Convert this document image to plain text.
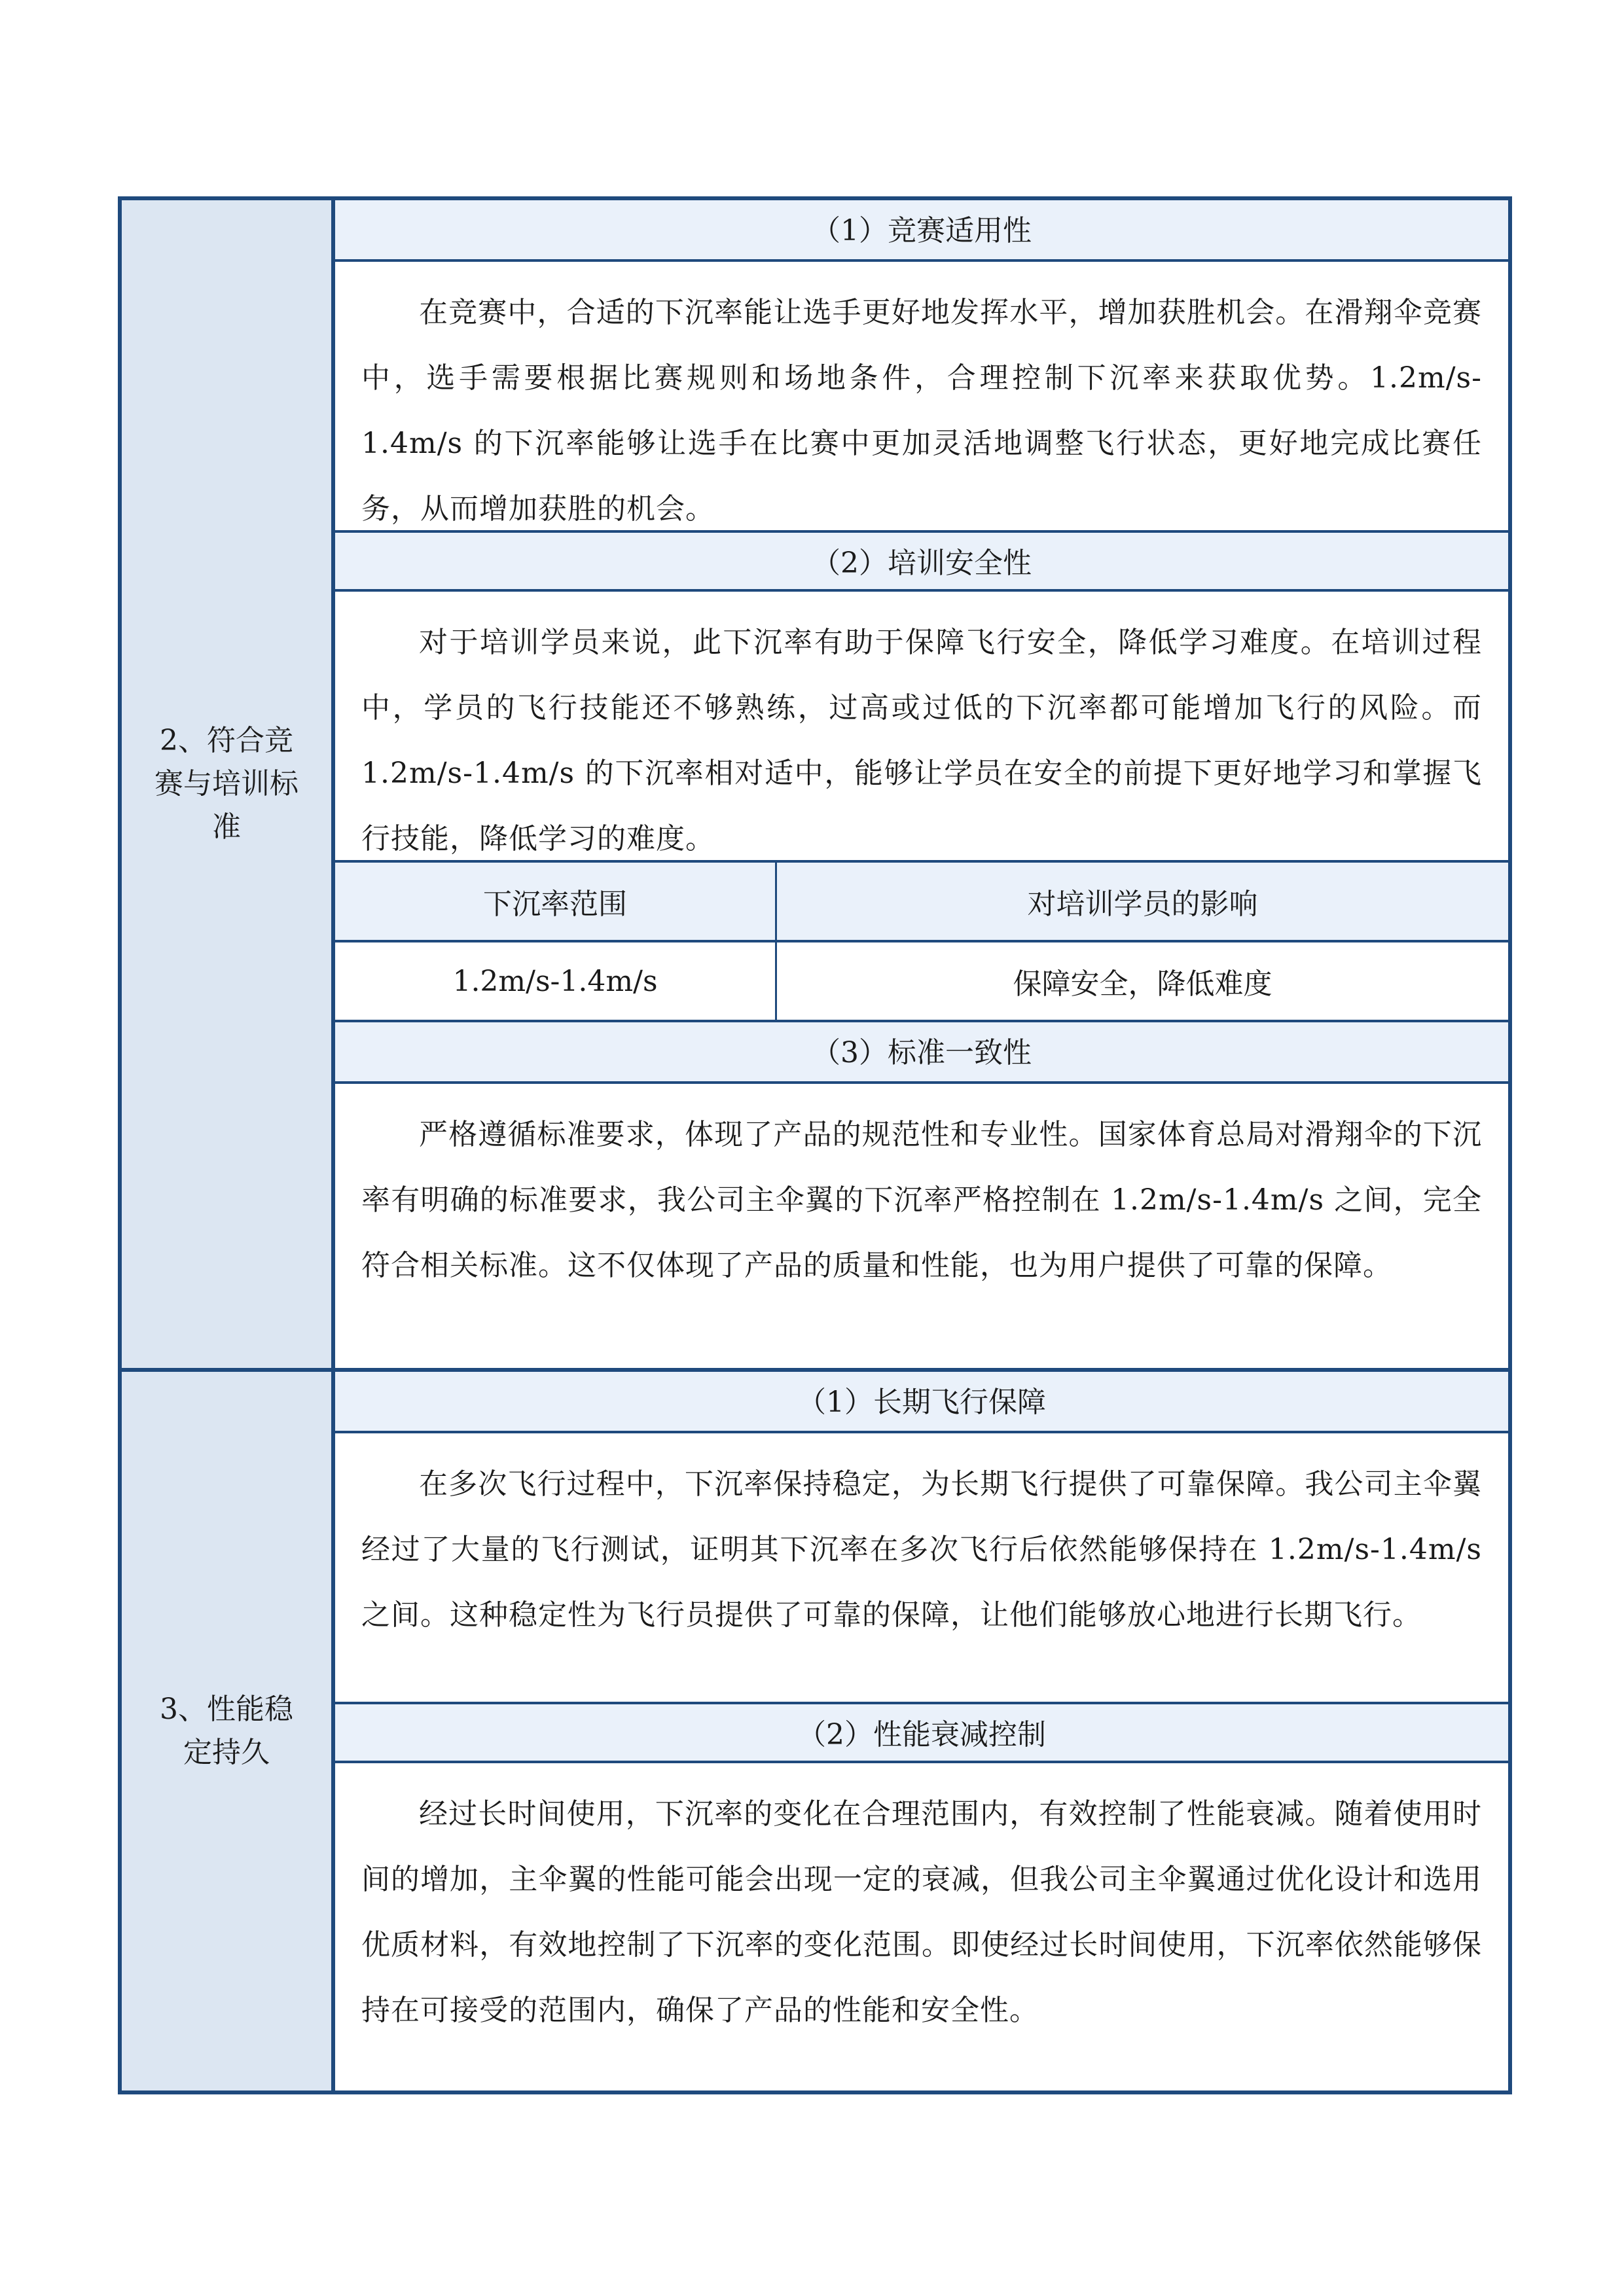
2、符合竞赛与培训标准

（1）竞赛适用性
在竞赛中，合适的下沉率能让选手更好地发挥水平，增加获胜机会。在滑翔伞竞赛中，选手需要根据比赛规则和场地条件，合理控制下沉率来获取优势。1.2m/s-1.4m/s 的下沉率能够让选手在比赛中更加灵活地调整飞行状态，更好地完成比赛任务，从而增加获胜的机会。
（2）培训安全性
对于培训学员来说，此下沉率有助于保障飞行安全，降低学习难度。在培训过程中，学员的飞行技能还不够熟练，过高或过低的下沉率都可能增加飞行的风险。而 1.2m/s-1.4m/s 的下沉率相对适中，能够让学员在安全的前提下更好地学习和掌握飞行技能，降低学习的难度。
下沉率范围	对培训学员的影响
1.2m/s-1.4m/s	保障安全，降低难度
（3）标准一致性
严格遵循标准要求，体现了产品的规范性和专业性。国家体育总局对滑翔伞的下沉率有明确的标准要求，我公司主伞翼的下沉率严格控制在 1.2m/s-1.4m/s 之间，完全符合相关标准。这不仅体现了产品的质量和性能，也为用户提供了可靠的保障。

3、性能稳定持久

（1）长期飞行保障
在多次飞行过程中，下沉率保持稳定，为长期飞行提供了可靠保障。我公司主伞翼经过了大量的飞行测试，证明其下沉率在多次飞行后依然能够保持在 1.2m/s-1.4m/s 之间。这种稳定性为飞行员提供了可靠的保障，让他们能够放心地进行长期飞行。
（2）性能衰减控制
经过长时间使用，下沉率的变化在合理范围内，有效控制了性能衰减。随着使用时间的增加，主伞翼的性能可能会出现一定的衰减，但我公司主伞翼通过优化设计和选用优质材料，有效地控制了下沉率的变化范围。即使经过长时间使用，下沉率依然能够保持在可接受的范围内，确保了产品的性能和安全性。
